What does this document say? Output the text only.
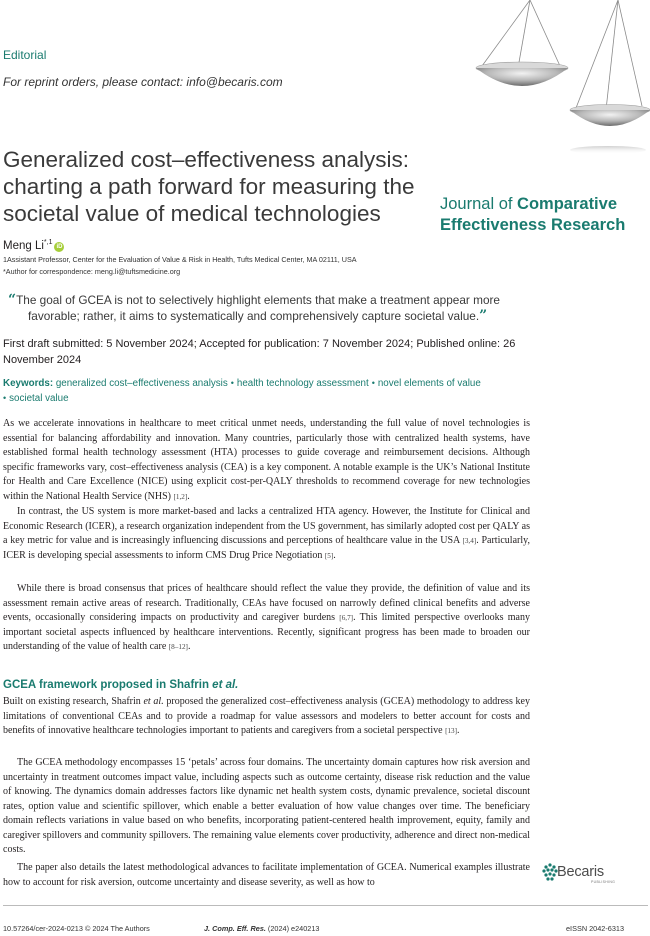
Editorial
For reprint orders, please contact: info@becaris.com
Generalized cost–effectiveness analysis: charting a path forward for measuring the societal value of medical technologies	Journal of Comparative
Effectiveness Research
Meng $Li^{*,1}iD$
1Assistant Professor, Center for the Evaluation of Value & Risk in Health, Tufts Medical Center, MA 02111, USA
*Author for correspondence: meng.li@tuftsmedicine.org
“The goal of GCEA is not to selectively highlight elements that make a treatment appear more
favorable; rather, it aims to systematically and comprehensively capture societal value.”
First draft submitted: 5 November 2024; Accepted for publication: 7 November 2024; Published online: 26 November 2024
Keywords: generalized cost–effectiveness analysis • health technology assessment • novel elements of value
• societal value

As we accelerate innovations in healthcare to meet critical unmet needs, understanding the full value of novel technologies is essential for balancing affordability and innovation. Many countries, particularly those with centralized health systems, have established formal health technology assessment (HTA) processes to guide coverage and reimbursement decisions. Although specific frameworks vary, cost–effectiveness analysis (CEA) is a key component. A notable example is the UK’s National Institute for Health and Care Excellence (NICE) using explicit cost-per-QALY thresholds to recommend coverage for new technologies within the National Health Service (NHS) [1,2].

In contrast, the US system is more market-based and lacks a centralized HTA agency. However, the Institute for Clinical and Economic Research (ICER), a research organization independent from the US government, has similarly adopted cost per QALY as a key metric for value and is increasingly influencing discussions and perceptions of healthcare value in the USA [3,4]. Particularly, ICER is developing special assessments to inform CMS Drug Price Negotiation [5].

While there is broad consensus that prices of healthcare should reflect the value they provide, the definition of value and its assessment remain active areas of research. Traditionally, CEAs have focused on narrowly defined clinical benefits and adverse events, occasionally considering impacts on productivity and caregiver burdens [6,7]. This limited perspective overlooks many important societal aspects influenced by healthcare interventions. Recently, significant progress has been made to broaden our understanding of the value of health care [8–12].

GCEA framework proposed in Shafrin et al.

Built on existing research, Shafrin et al. proposed the generalized cost–effectiveness analysis (GCEA) methodology to address key limitations of conventional CEAs and to provide a roadmap for value assessors and modelers to better account for costs and benefits of innovative healthcare technologies important to patients and caregivers from a societal perspective [13].

The GCEA methodology encompasses 15 ‘petals’ across four domains. The uncertainty domain captures how risk aversion and uncertainty in treatment outcomes impact value, including aspects such as outcome certainty, disease risk reduction and the value of knowing. The dynamics domain addresses factors like dynamic net health system costs, dynamic prevalence, societal discount rates, option value and scientific spillover, which enable a better evaluation of how value changes over time. The beneficiary domain reflects variations in value based on who benefits, incorporating patient-centered health improvement, equity, family and caregiver spillovers and community spillovers. The remaining value elements cover productivity, adherence and direct non-medical costs.

The paper also details the latest methodological advances to facilitate implementation of GCEA. Numerical examples illustrate how to account for risk aversion, outcome uncertainty and disease severity, as well as how to

Becaris
PUBLISHING
10.57264/cer-2024-0213 © 2024 The Authors	J. Comp. Eff. Res. (2024) e240213	eISSN 2042-6313
